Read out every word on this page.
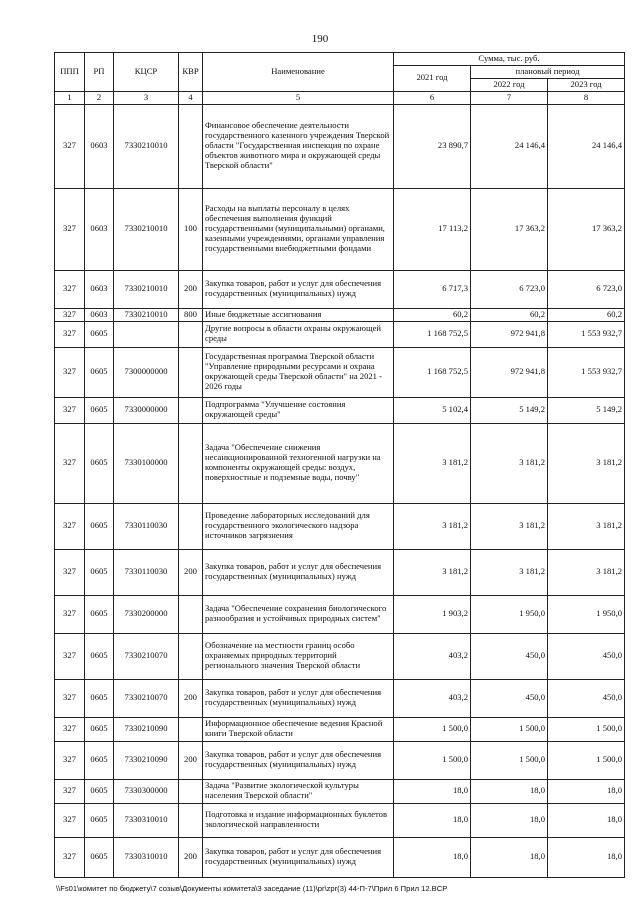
190
ППП	РП	КЦСР	КВР	Наименование	Сумма, тыс. руб.		
					2021 год	плановый период	
						2022 год	2023 год
1	2	3	4	5	6	7	8
327	0603	7330210010		Финансовое обеспечение деятельности государственного казенного учреждения Тверской области "Государственная инспекция по охране объектов животного мира и окружающей среды Тверской области"	23 890,7	24 146,4	24 146,4
327	0603	7330210010	100	Расходы на выплаты персоналу в целях обеспечения выполнения функций государственными (муниципальными) органами, казенными учреждениями, органами управления государственными внебюджетными фондами	17 113,2	17 363,2	17 363,2
327	0603	7330210010	200	Закупка товаров, работ и услуг для обеспечения государственных (муниципальных) нужд	6 717,3	6 723,0	6 723,0
327	0603	7330210010	800	Иные бюджетные ассигнования	60,2	60,2	60,2
327	0605			Другие вопросы в области охраны окружающей среды	1 168 752,5	972 941,8	1 553 932,7
327	0605	7300000000		Государственная программа Тверской области "Управление природными ресурсами и охрана окружающей среды Тверской области" на 2021 - 2026 годы	1 168 752,5	972 941,8	1 553 932,7
327	0605	7330000000		Подпрограмма "Улучшение состояния окружающей среды"	5 102,4	5 149,2	5 149,2
327	0605	7330100000		Задача "Обеспечение снижения несанкционированной техногенной нагрузки на компоненты окружающей среды: воздух, поверхностные и подземные воды, почву"	3 181,2	3 181,2	3 181,2
327	0605	7330110030		Проведение лабораторных исследований для государственного экологического надзора источников загрязнения	3 181,2	3 181,2	3 181,2
327	0605	7330110030	200	Закупка товаров, работ и услуг для обеспечения государственных (муниципальных) нужд	3 181,2	3 181,2	3 181,2
327	0605	7330200000		Задача "Обеспечение сохранения биологического разнообразия и устойчивых природных систем"	1 903,2	1 950,0	1 950,0
327	0605	7330210070		Обозначение на местности границ особо охраняемых природных территорий регионального значения Тверской области	403,2	450,0	450,0
327	0605	7330210070	200	Закупка товаров, работ и услуг для обеспечения государственных (муниципальных) нужд	403,2	450,0	450,0
327	0605	7330210090		Информационное обеспечение ведения Красной книги Тверской области	1 500,0	1 500,0	1 500,0
327	0605	7330210090	200	Закупка товаров, работ и услуг для обеспечения государственных (муниципальных) нужд	1 500,0	1 500,0	1 500,0
327	0605	7330300000		Задача "Развитие экологической культуры населения Тверской области"	18,0	18,0	18,0
327	0605	7330310010		Подготовка и издание информационных буклетов экологической направленности	18,0	18,0	18,0
327	0605	7330310010	200	Закупка товаров, работ и услуг для обеспечения государственных (муниципальных) нужд	18,0	18,0	18,0
\\Fs01\комитет по бюджету\7 созыв\Документы комитета\3 заседание (11)\pr\zpr(3) 44-П-7\Прил 6 Прил 12.BCP
